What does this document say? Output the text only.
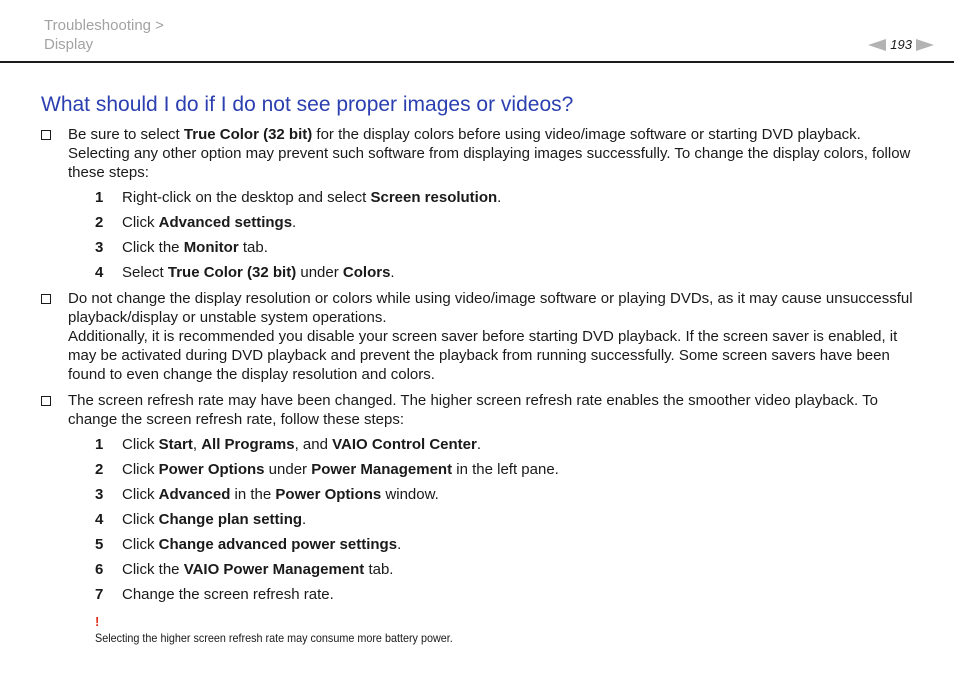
Troubleshooting >
Display	193
What should I do if I do not see proper images or videos?
Be sure to select True Color (32 bit) for the display colors before using video/image software or starting DVD playback. Selecting any other option may prevent such software from displaying images successfully. To change the display colors, follow these steps:
1	Right-click on the desktop and select Screen resolution.
2	Click Advanced settings.
3	Click the Monitor tab.
4	Select True Color (32 bit) under Colors.
Do not change the display resolution or colors while using video/image software or playing DVDs, as it may cause unsuccessful playback/display or unstable system operations.
Additionally, it is recommended you disable your screen saver before starting DVD playback. If the screen saver is enabled, it may be activated during DVD playback and prevent the playback from running successfully. Some screen savers have been found to even change the display resolution and colors.
The screen refresh rate may have been changed. The higher screen refresh rate enables the smoother video playback. To change the screen refresh rate, follow these steps:
1	Click Start, All Programs, and VAIO Control Center.
2	Click Power Options under Power Management in the left pane.
3	Click Advanced in the Power Options window.
4	Click Change plan setting.
5	Click Change advanced power settings.
6	Click the VAIO Power Management tab.
7	Change the screen refresh rate.
!
Selecting the higher screen refresh rate may consume more battery power.
